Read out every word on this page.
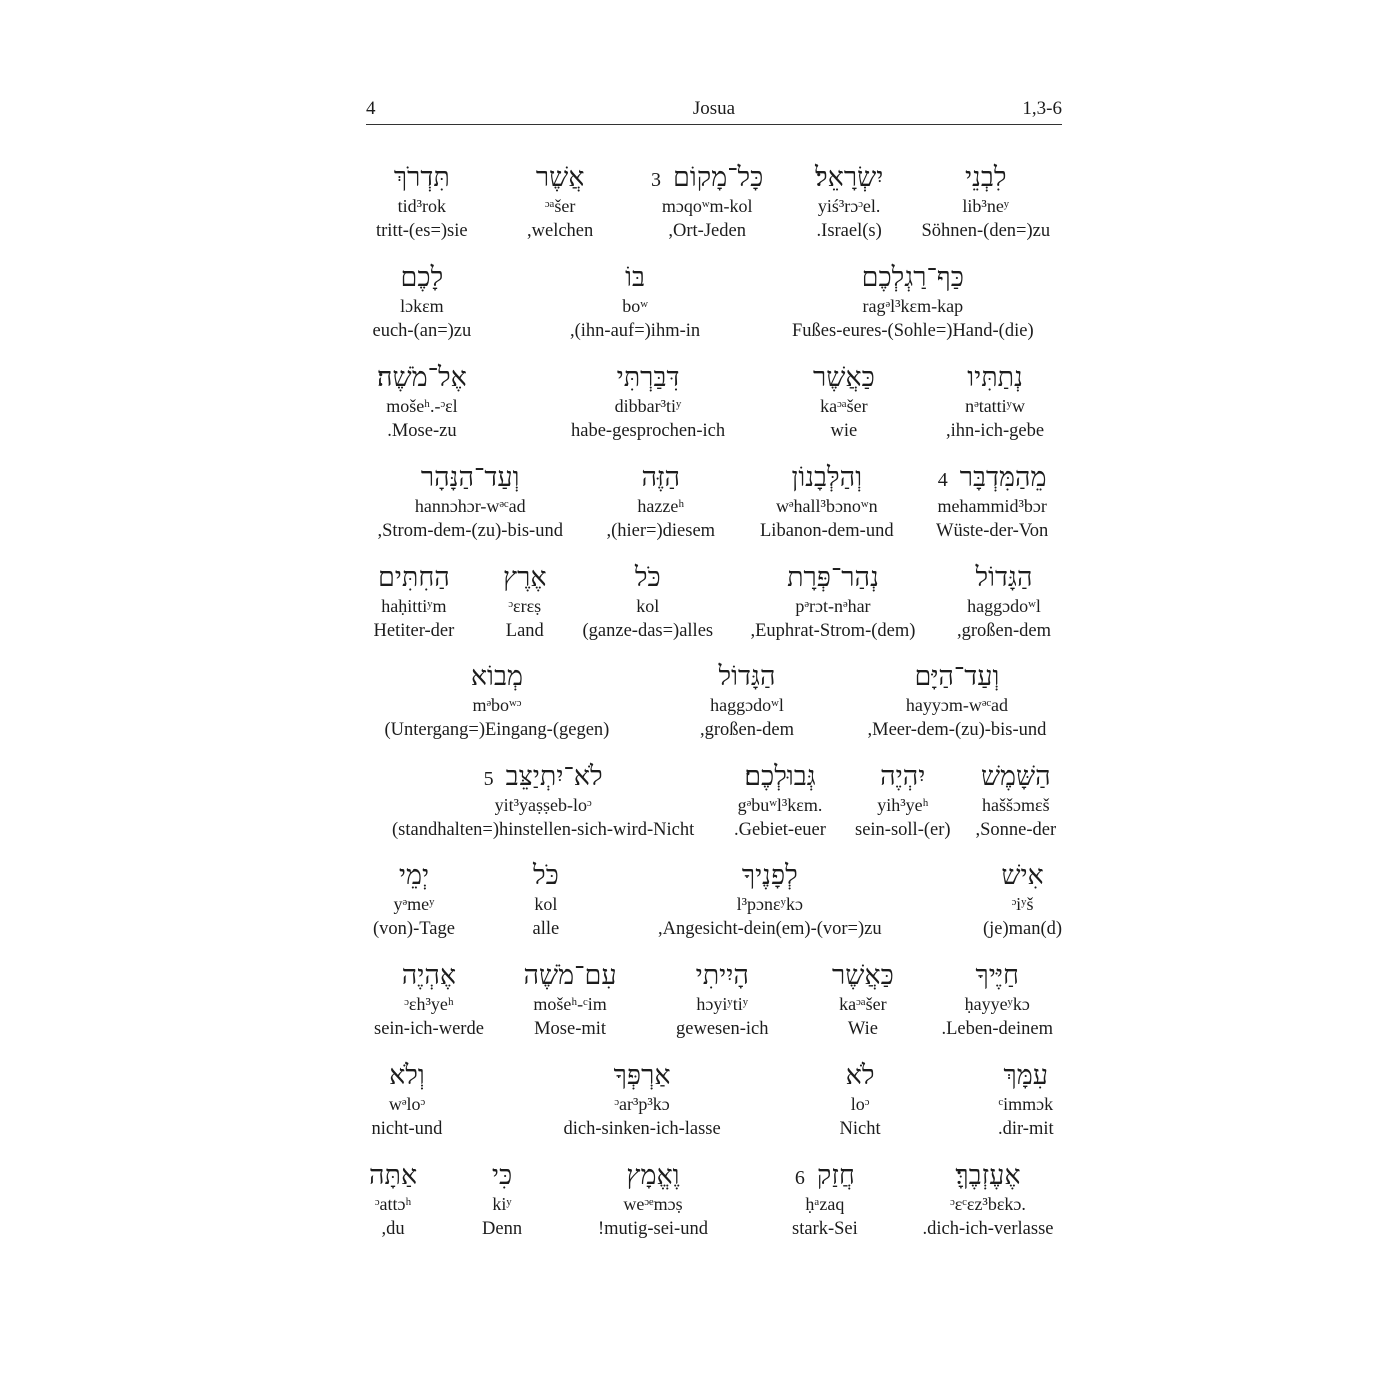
4	Josua	1,3-6
תִּדְרֹךְ
tid³rok
tritt-(es=)sie
אֲשֶׁר
ᵓᵃšer
,welchen
כָּל־מָקוֹם3
mɔqoʷm-kol
,Ort-Jeden
יִשְׂרָאֵל׃
yiś³rɔᵓel.
.Israel(s)
לִבְנֵי
lib³neʸ
Söhnen-(den=)zu
לָכֶם
lɔkɛm
euch-(an=)zu
בּוֹ
boʷ
,(ihn-auf=)ihm-in
כַּף־רַגְלְכֶם
ragᵊl³kɛm-kap
Fußes-eures-(Sohle=)Hand-(die)
אֶל־מֹשֶׁה׃
mošeʰ.-ᵓɛl
.Mose-zu
דִּבַּרְתִּי
dibbar³tiʸ
habe-gesprochen-ich
כַּאֲשֶׁר
kaᵓᵃšer
wie
נְתַתִּיו
nᵊtattiʸw
,ihn-ich-gebe
וְעַד־הַנָּהָר
hannɔhɔr-wᵊᶜad
,Strom-dem-(zu)-bis-und
הַזֶּה
hazzeʰ
,(hier=)diesem
וְהַלְּבָנוֹן
wᵊhall³bɔnoʷn
Libanon-dem-und
מֵהַמִּדְבָּר4
mehammid³bɔr
Wüste-der-Von
הַחִתִּים
haḥittiʸm
Hetiter-der
אֶרֶץ
ᵓɛrɛṣ
Land
כֹּל
kol
(ganze-das=)alles
נְהַר־פְּרָת
pᵊrɔt-nᵊhar
,Euphrat-Strom-(dem)
הַגָּדוֹל
haggɔdoʷl
,großen-dem
מְבוֹא
mᵊboʷᵓ
(Untergang=)Eingang-(gegen)
הַגָּדוֹל
haggɔdoʷl
,großen-dem
וְעַד־הַיָּם
hayyɔm-wᵊᶜad
,Meer-dem-(zu)-bis-und
לֹא־יִתְיַצֵּב5
yit³yaṣṣeb-loᵓ
(standhalten=)hinstellen-sich-wird-Nicht
גְּבוּלְכֶם׃
gᵊbuʷl³kɛm.
.Gebiet-euer
יִהְיֶה
yih³yeʰ
sein-soll-(er)
הַשָּׁמֶשׁ
haššɔmɛš
,Sonne-der
יְמֵי
yᵊmeʸ
(von)-Tage
כֹּל
kol
alle
לְפָנֶיךָ
l³pɔnɛʸkɔ
,Angesicht-dein(em)-(vor=)zu
אִישׁ
ᵓiʸš
(je)man(d)
אֶהְיֶה
ᵓɛh³yeʰ
sein-ich-werde
עִם־מֹשֶׁה
mošeʰ-ᶜim
Mose-mit
הָיִיתִי
hɔyiʸtiʸ
gewesen-ich
כַּאֲשֶׁר
kaᵓᵃšer
Wie
חַיֶּיךָ
ḥayyeʸkɔ
.Leben-deinem
וְלֹא
wᵊloᵓ
nicht-und
אַרְפְּךָ
ᵓar³p³kɔ
dich-sinken-ich-lasse
לֹא
loᵓ
Nicht
עִמָּךְ
ᶜimmɔk
.dir-mit
אַתָּה
ᵓattɔʰ
,du
כִּי
kiʸ
Denn
וֶאֱמָץ
weᵓᵉmɔṣ
!mutig-sei-und
חֲזַק6
ḥᵃzaq
stark-Sei
אֶעֶזְבֶךָּ׃
ᵓɛᶜɛz³bɛkɔ.
.dich-ich-verlasse
